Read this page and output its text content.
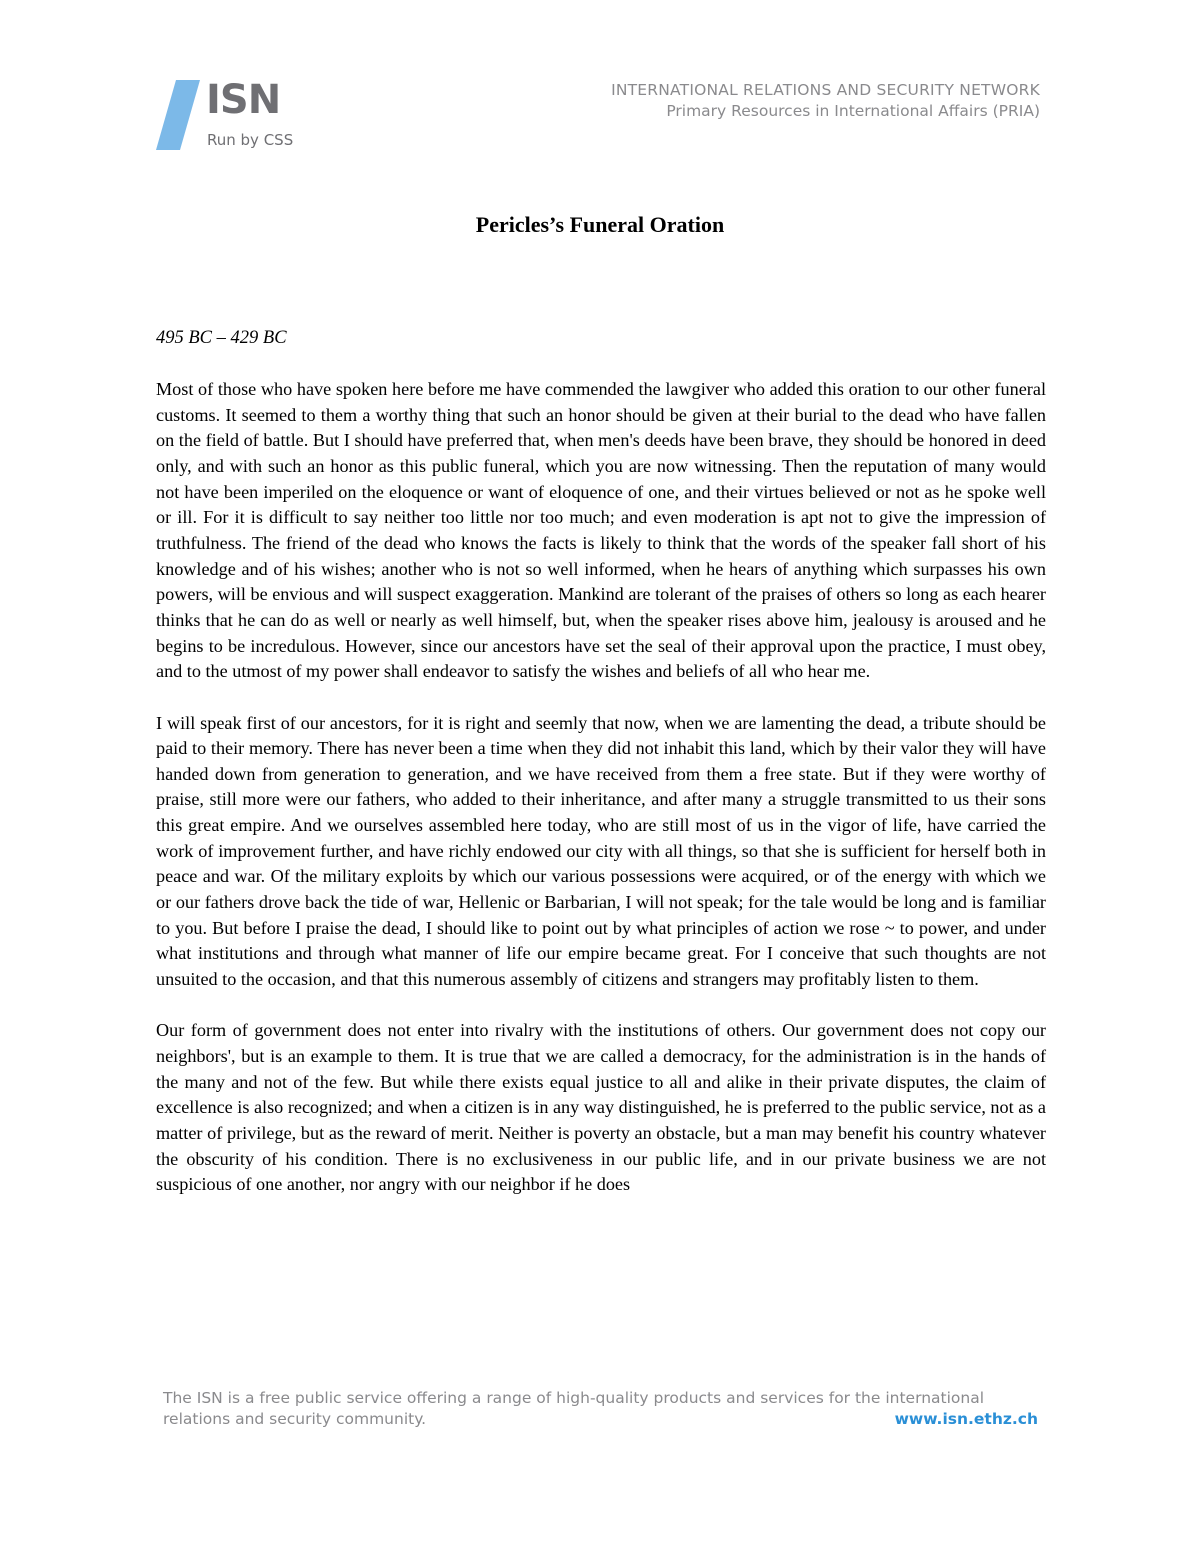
ISN
Run by CSS
INTERNATIONAL RELATIONS AND SECURITY NETWORK
Primary Resources in International Affairs (PRIA)
Pericles’s Funeral Oration
495 BC – 429 BC

Most of those who have spoken here before me have commended the lawgiver who added this oration to our other funeral customs. It seemed to them a worthy thing that such an honor should be given at their burial to the dead who have fallen on the field of battle. But I should have preferred that, when men's deeds have been brave, they should be honored in deed only, and with such an honor as this public funeral, which you are now witnessing. Then the reputation of many would not have been imperiled on the eloquence or want of eloquence of one, and their virtues believed or not as he spoke well or ill. For it is difficult to say neither too little nor too much; and even moderation is apt not to give the impression of truthfulness. The friend of the dead who knows the facts is likely to think that the words of the speaker fall short of his knowledge and of his wishes; another who is not so well informed, when he hears of anything which surpasses his own powers, will be envious and will suspect exaggeration. Mankind are tolerant of the praises of others so long as each hearer thinks that he can do as well or nearly as well himself, but, when the speaker rises above him, jealousy is aroused and he begins to be incredulous. However, since our ancestors have set the seal of their approval upon the practice, I must obey, and to the utmost of my power shall endeavor to satisfy the wishes and beliefs of all who hear me.

I will speak first of our ancestors, for it is right and seemly that now, when we are lamenting the dead, a tribute should be paid to their memory. There has never been a time when they did not inhabit this land, which by their valor they will have handed down from generation to generation, and we have received from them a free state. But if they were worthy of praise, still more were our fathers, who added to their inheritance, and after many a struggle transmitted to us their sons this great empire. And we ourselves assembled here today, who are still most of us in the vigor of life, have carried the work of improvement further, and have richly endowed our city with all things, so that she is sufficient for herself both in peace and war. Of the military exploits by which our various possessions were acquired, or of the energy with which we or our fathers drove back the tide of war, Hellenic or Barbarian, I will not speak; for the tale would be long and is familiar to you. But before I praise the dead, I should like to point out by what principles of action we rose ~ to power, and under what institutions and through what manner of life our empire became great. For I conceive that such thoughts are not unsuited to the occasion, and that this numerous assembly of citizens and strangers may profitably listen to them.

Our form of government does not enter into rivalry with the institutions of others. Our government does not copy our neighbors', but is an example to them. It is true that we are called a democracy, for the administration is in the hands of the many and not of the few. But while there exists equal justice to all and alike in their private disputes, the claim of excellence is also recognized; and when a citizen is in any way distinguished, he is preferred to the public service, not as a matter of privilege, but as the reward of merit. Neither is poverty an obstacle, but a man may benefit his country whatever the obscurity of his condition. There is no exclusiveness in our public life, and in our private business we are not suspicious of one another, nor angry with our neighbor if he does

The ISN is a free public service offering a range of high-quality products and services for the international relations and security community.	www.isn.ethz.ch
